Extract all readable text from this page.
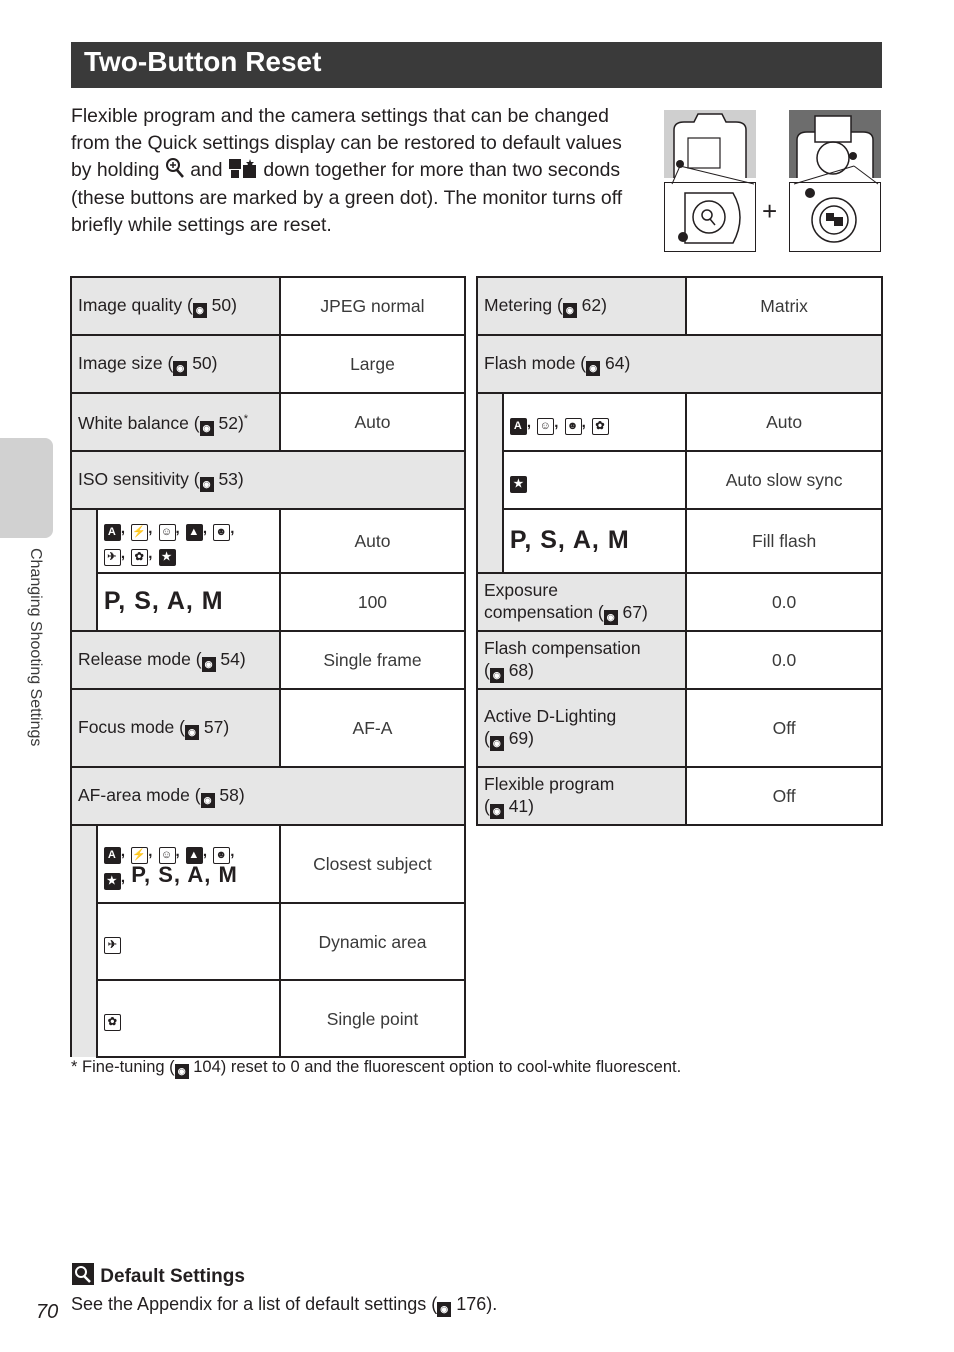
Two-Button Reset

Flexible program and the camera settings that can be changed from the Quick settings display can be restored to default values by holding and down together for more than two seconds (these buttons are marked by a green dot). The monitor turns off briefly while settings are reset.	+
Image quality ( ◉ 50)		JPEG normal
Image size ( ◉ 50)		Large
White balance ( ◉ 52)*		Auto
ISO sensitivity ( ◉ 53)		
	A , ⚡, ☺ , ▲ , ☻ ,
✈ , ✿ , ★	Auto
	P, S, A, M	100
Release mode ( ◉ 54)		Single frame
Focus mode ( ◉ 57)		AF-A
AF-area mode ( ◉ 58)		
	A , ⚡, ☺ , ▲ , ☻ ,
★ , P, S, A, M	Closest subject
	✈	Dynamic area
	✿	Single point
Metering ( ◉ 62)		Matrix
Flash mode ( ◉ 64)		
	A , ☺ , ☻ , ✿	Auto
	★	Auto slow sync
	P, S, A, M	Fill flash
Exposure
compensation ( ◉ 67)		0.0
Flash compensation
( ◉ 68)		0.0
Active D-Lighting
( ◉ 69)		Off
Flexible program
( ◉ 41)		Off
* Fine-tuning ( ◉ 104) reset to 0 and the fluorescent option to cool-white fluorescent.
Changing Shooting Settings
Default Settings
See the Appendix for a list of default settings ( ◉ 176).
70
